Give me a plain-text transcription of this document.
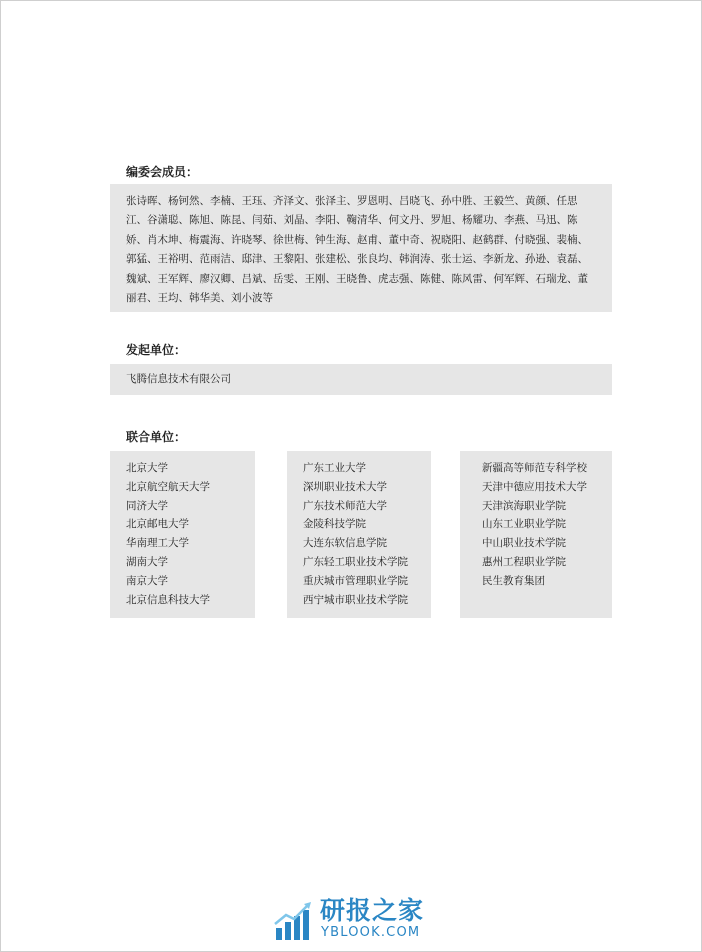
编委会成员：

张诗晖、杨钶然、李楠、王珏、齐泽文、张泽主、罗恩明、吕晓飞、孙中胜、王毅竺、黄颜、任思江、谷潇聪、陈旭、陈昆、闫茹、刘晶、李阳、鞠清华、何文丹、罗旭、杨耀功、李燕、马迅、陈娇、肖木坤、梅震海、许晓琴、徐世梅、钟生海、赵甫、董中奇、祝晓阳、赵鹤群、付晓强、裴楠、郭猛、王裕明、范雨洁、邸津、王黎阳、张建松、张良均、韩润涛、张士运、李新龙、孙逊、袁磊、魏斌、王军辉、廖汉卿、吕斌、岳雯、王刚、王晓鲁、虎志强、陈健、陈风雷、何军辉、石瑞龙、董丽君、王均、韩华美、刘小波等

发起单位：
飞腾信息技术有限公司
联合单位：
北京大学
北京航空航天大学
同济大学
北京邮电大学
华南理工大学
湖南大学
南京大学
北京信息科技大学
广东工业大学
深圳职业技术大学
广东技术师范大学
金陵科技学院
大连东软信息学院
广东轻工职业技术学院
重庆城市管理职业学院
西宁城市职业技术学院
新疆高等师范专科学校
天津中德应用技术大学
天津滨海职业学院
山东工业职业学院
中山职业技术学院
惠州工程职业学院
民生教育集团
研报之家
YBLOOK.COM
